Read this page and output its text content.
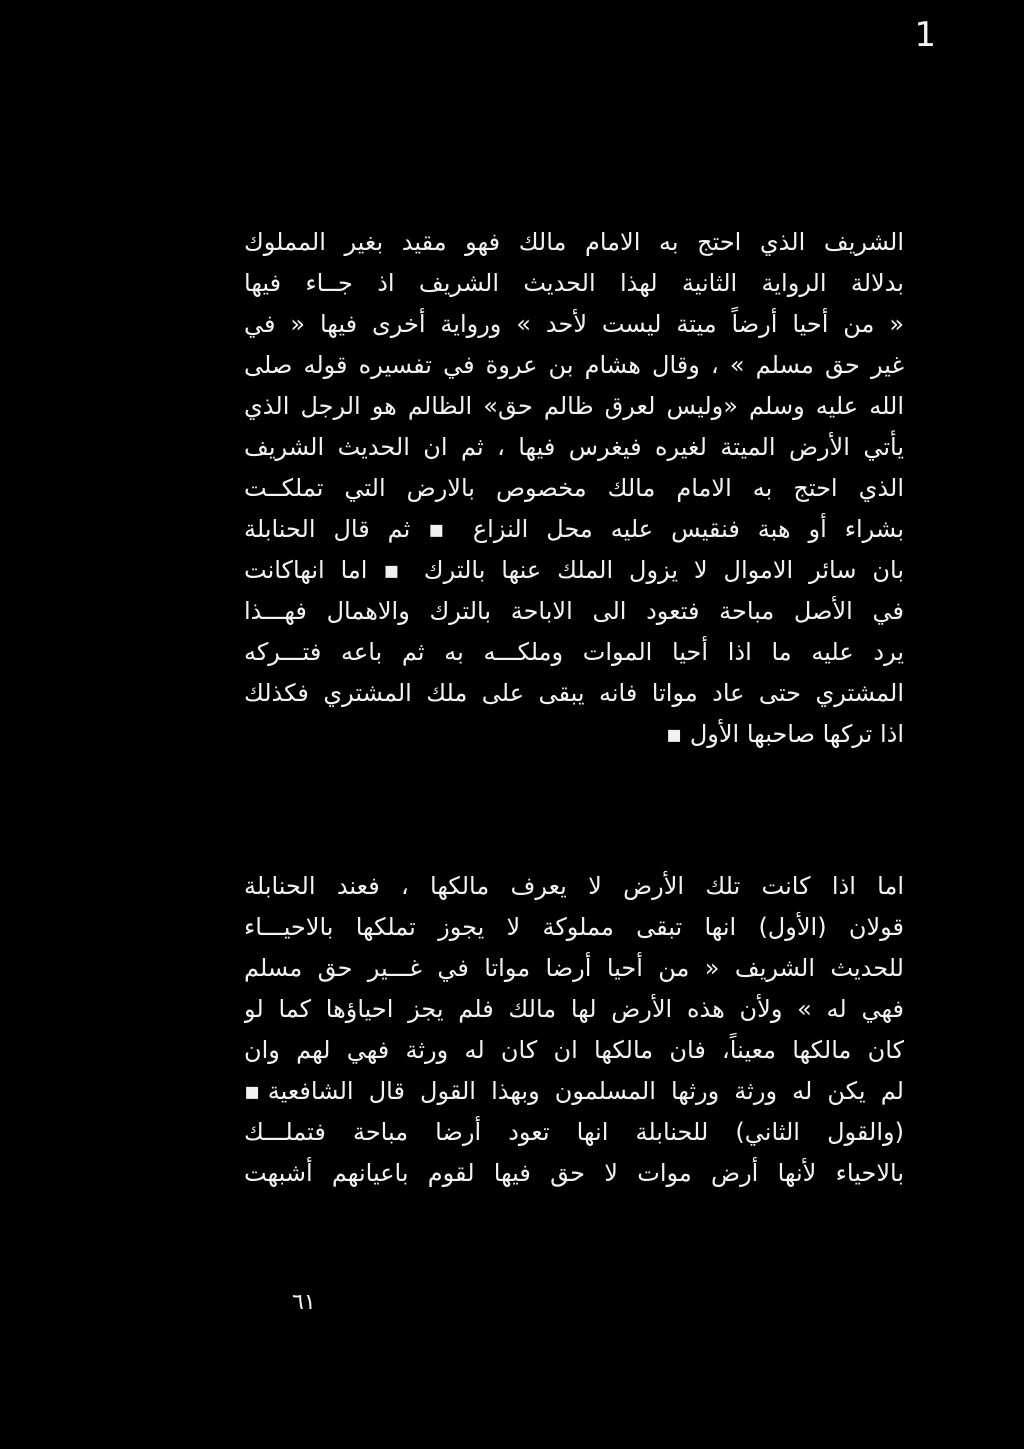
1
الشريف الذي احتج به الامام مالك فهو مقيد بغير المملوك
بدلالة الرواية الثانية لهذا الحديث الشريف اذ جــاء فيها
« من أحيا أرضاً ميتة ليست لأحد » ورواية أخرى فيها « في
غير حق مسلم » ، وقال هشام بن عروة في تفسيره قوله صلى
الله عليه وسلم «وليس لعرق ظالم حق» الظالم هو الرجل الذي
يأتي الأرض الميتة لغيره فيغرس فيها ، ثم ان الحديث الشريف
الذي احتج به الامام مالك مخصوص بالارض التي تملكــت
بشراء أو هبة فنقيس عليه محل النزاع ▪ ثم قال الحنابلة
بان سائر الاموال لا يزول الملك عنها بالترك ▪ اما انهاكانت
في الأصل مباحة فتعود الى الاباحة بالترك والاهمال فهـــذا
يرد عليه ما اذا أحيا الموات وملكـــه به ثم باعه فتـــركه
المشتري حتى عاد مواتا فانه يبقى على ملك المشتري فكذلك
اذا تركها صاحبها الأول ▪
اما اذا كانت تلك الأرض لا يعرف مالكها ، فعند الحنابلة
قولان (الأول) انها تبقى مملوكة لا يجوز تملكها بالاحيـــاء
للحديث الشريف « من أحيا أرضا مواتا في غـــير حق مسلم
فهي له » ولأن هذه الأرض لها مالك فلم يجز احياؤها كما لو
كان مالكها معيناً، فان مالكها ان كان له ورثة فهي لهم وان
لم يكن له ورثة ورثها المسلمون وبهذا القول قال الشافعية▪
(والقول الثاني) للحنابلة انها تعود أرضا مباحة فتملـــك
بالاحياء لأنها أرض موات لا حق فيها لقوم باعيانهم أشبهت
٦١
